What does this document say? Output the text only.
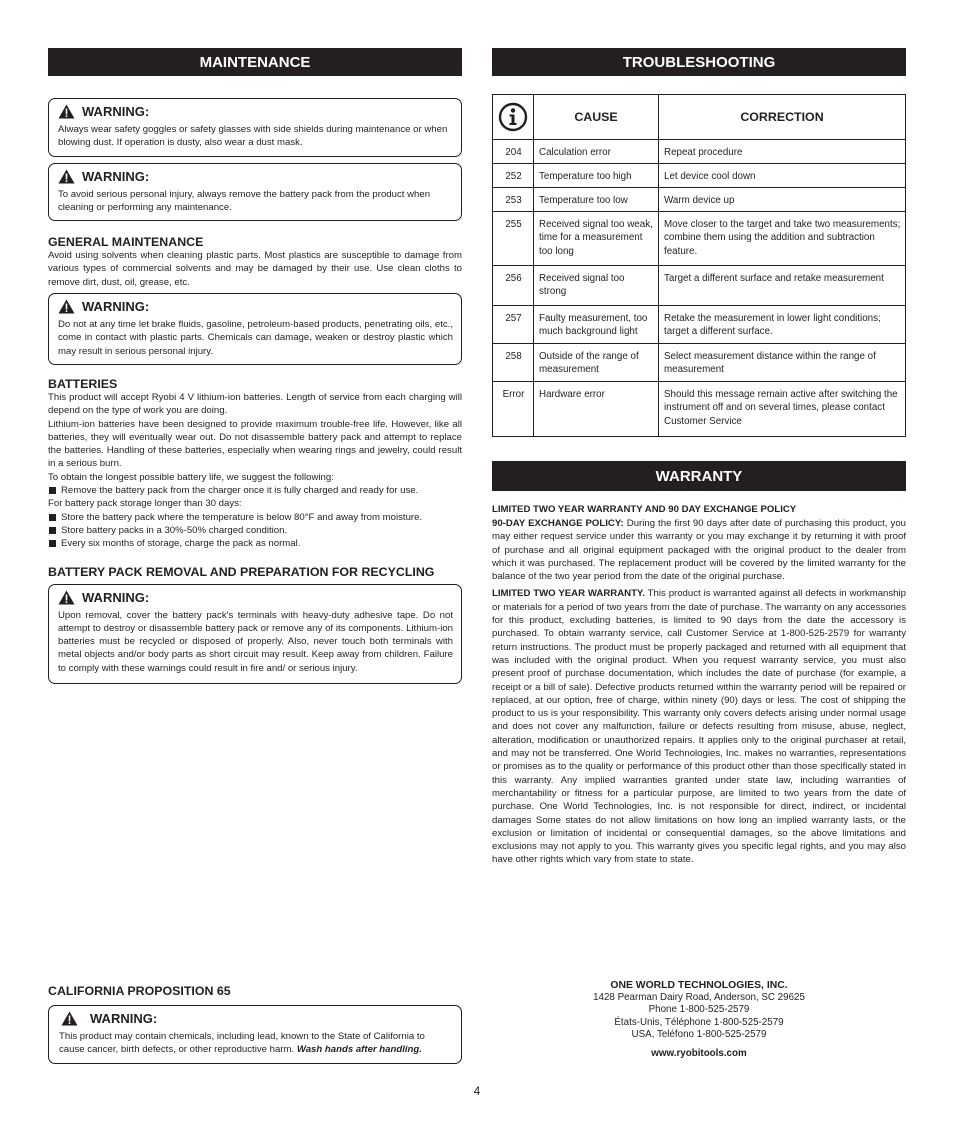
MAINTENANCE
WARNING:

Always wear safety goggles or safety glasses with side shields during maintenance or when blowing dust. If operation is dusty, also wear a dust mask.

WARNING:

To avoid serious personal injury, always remove the battery pack from the product when cleaning or performing any maintenance.

GENERAL MAINTENANCE

Avoid using solvents when cleaning plastic parts. Most plastics are susceptible to damage from various types of commercial solvents and may be damaged by their use. Use clean cloths to remove dirt, dust, oil, grease, etc.

WARNING:

Do not at any time let brake fluids, gasoline, petroleum-based products, penetrating oils, etc., come in contact with plastic parts. Chemicals can damage, weaken or destroy plastic which may result in serious personal injury.

BATTERIES

This product will accept Ryobi 4 V lithium-ion batteries. Length of service from each charging will depend on the type of work you are doing.

Lithium-ion batteries have been designed to provide maximum trouble-free life. However, like all batteries, they will eventually wear out. Do not disassemble battery pack and attempt to replace the batteries. Handling of these batteries, especially when wearing rings and jewelry, could result in a serious burn.

To obtain the longest possible battery life, we suggest the following:

Remove the battery pack from the charger once it is fully charged and ready for use.

For battery pack storage longer than 30 days:

Store the battery pack where the temperature is below 80°F and away from moisture.
Store battery packs in a 30%-50% charged condition.
Every six months of storage, charge the pack as normal.
BATTERY PACK REMOVAL AND PREPARATION FOR RECYCLING
WARNING:

Upon removal, cover the battery pack's terminals with heavy-duty adhesive tape. Do not attempt to destroy or disassemble battery pack or remove any of its components. Lithium-ion batteries must be recycled or disposed of properly. Also, never touch both terminals with metal objects and/or body parts as short circuit may result. Keep away from children. Failure to comply with these warnings could result in fire and/ or serious injury.

CALIFORNIA PROPOSITION 65
WARNING:

This product may contain chemicals, including lead, known to the State of California to cause cancer, birth defects, or other reproductive harm. Wash hands after handling.

TROUBLESHOOTING
	CAUSE	CORRECTION
204	Calculation error	Repeat procedure
252	Temperature too high	Let device cool down
253	Temperature too low	Warm device up
255	Received signal too weak, time for a measurement too long	Move closer to the target and take two measurements; combine them using the addition and subtraction feature.
256	Received signal too strong	Target a different surface and retake measurement
257	Faulty measurement, too much background light	Retake the measurement in lower light conditions; target a different surface.
258	Outside of the range of measurement	Select measurement distance within the range of measurement
Error	Hardware error	Should this message remain active after switching the instrument off and on several times, please contact Customer Service
WARRANTY
LIMITED TWO YEAR WARRANTY AND 90 DAY EXCHANGE POLICY

90-DAY EXCHANGE POLICY: During the first 90 days after date of purchasing this product, you may either request service under this warranty or you may exchange it by returning it with proof of purchase and all original equipment packaged with the original product to the dealer from which it was purchased. The replacement product will be covered by the limited warranty for the balance of the two year period from the date of the original purchase.

LIMITED TWO YEAR WARRANTY. This product is warranted against all defects in workmanship or materials for a period of two years from the date of purchase. The warranty on any accessories for this product, excluding batteries, is limited to 90 days from the date the accessory is purchased. To obtain warranty service, call Customer Service at 1-800-525-2579 for warranty return instructions. The product must be properly packaged and returned with all equipment that was included with the original product. When you request warranty service, you must also present proof of purchase documentation, which includes the date of purchase (for example, a receipt or a bill of sale). Defective products returned within the warranty period will be repaired or replaced, at our option, free of charge, within ninety (90) days or less. The cost of shipping the product to us is your responsibility. This warranty only covers defects arising under normal usage and does not cover any malfunction, failure or defects resulting from misuse, abuse, neglect, alteration, modification or unauthorized repairs. It applies only to the original purchaser at retail, and may not be transferred. One World Technologies, Inc. makes no warranties, representations or promises as to the quality or performance of this product other than those specifically stated in this warranty. Any implied warranties granted under state law, including warranties of merchantability or fitness for a particular purpose, are limited to two years from the date of purchase. One World Technologies, Inc. is not responsible for direct, indirect, or incidental damages Some states do not allow limitations on how long an implied warranty lasts, or the exclusion or limitation of incidental or consequential damages, so the above limitations and exclusions may not apply to you. This warranty gives you specific legal rights, and you may also have other rights which vary from state to state.

ONE WORLD TECHNOLOGIES, INC.
1428 Pearman Dairy Road, Anderson, SC 29625
Phone 1-800-525-2579
États-Unis, Téléphone 1-800-525-2579
USA, Teléfono 1-800-525-2579
www.ryobitools.com
4
